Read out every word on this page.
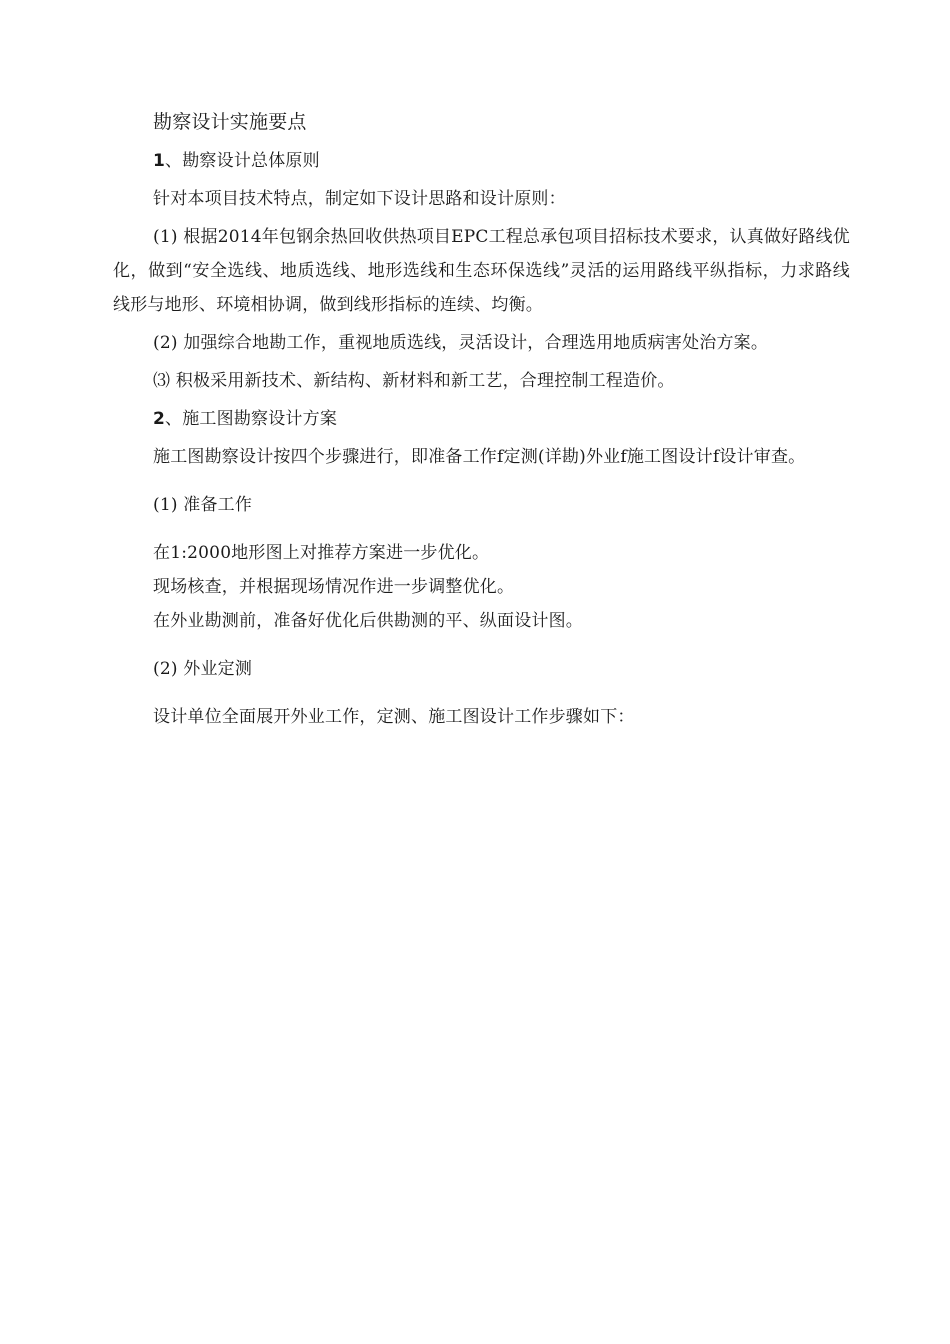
勘察设计实施要点

1、勘察设计总体原则

针对本项目技术特点，制定如下设计思路和设计原则：

(1) 根据2014年包钢余热回收供热项目EPC工程总承包项目招标技术要求，认真做好路线优化，做到“安全选线、地质选线、地形选线和生态环保选线”灵活的运用路线平纵指标，力求路线线形与地形、环境相协调，做到线形指标的连续、均衡。

(2) 加强综合地勘工作，重视地质选线，灵活设计，合理选用地质病害处治方案。

⑶ 积极采用新技术、新结构、新材料和新工艺，合理控制工程造价。

2、施工图勘察设计方案

施工图勘察设计按四个步骤进行，即准备工作f定测(详勘)外业f施工图设计f设计审查。

(1) 准备工作

在1:2000地形图上对推荐方案进一步优化。

现场核查，并根据现场情况作进一步调整优化。

在外业勘测前，准备好优化后供勘测的平、纵面设计图。

(2) 外业定测

设计单位全面展开外业工作，定测、施工图设计工作步骤如下：
